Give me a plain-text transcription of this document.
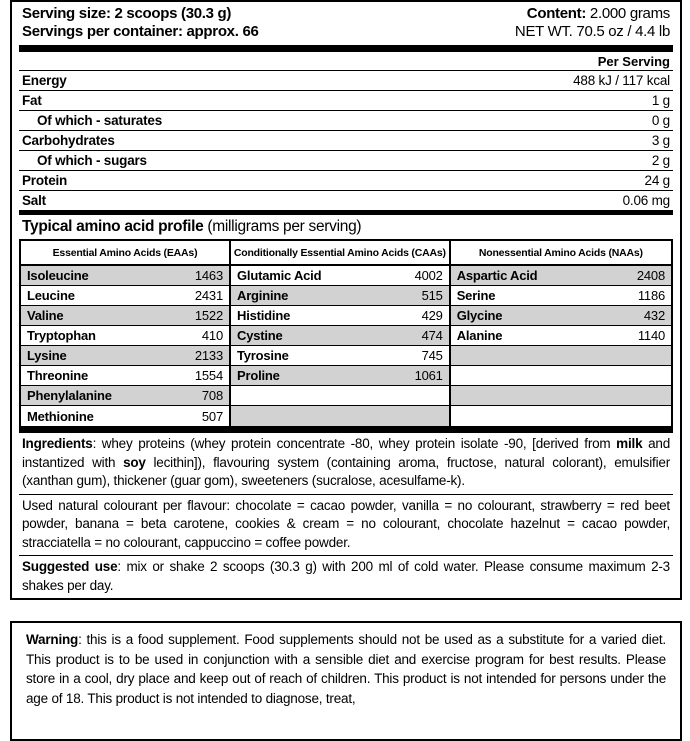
Serving size: 2 scoops (30.3 g)
Servings per container: approx. 66
Content: 2.000 grams
NET WT. 70.5 oz / 4.4 lb
Per Serving
Energy	488 kJ / 117 kcal
Fat	1 g
Of which - saturates	0 g
Carbohydrates	3 g
Of which - sugars	2 g
Protein	24 g
Salt	0.06 mg
Typical amino acid profile (milligrams per serving)
Essential Amino Acids (EAAs)
Isoleucine	1463
Leucine	2431
Valine	1522
Tryptophan	410
Lysine	2133
Threonine	1554
Phenylalanine	708
Methionine	507
Conditionally Essential Amino Acids (CAAs)
Glutamic Acid	4002
Arginine	515
Histidine	429
Cystine	474
Tyrosine	745
Proline	1061
Nonessential Amino Acids (NAAs)
Aspartic Acid	2408
Serine	1186
Glycine	432
Alanine	1140
Ingredients: whey proteins (whey protein concentrate -80, whey protein isolate -90, [derived from milk and instantized with soy lecithin]), flavouring system (containing aroma, fructose, natural colorant), emulsifier (xanthan gum), thickener (guar gom), sweeteners (sucralose, acesulfame-k).
Used natural colourant per flavour: chocolate = cacao powder, vanilla = no colourant, strawberry = red beet powder, banana = beta carotene, cookies & cream = no colourant, chocolate hazelnut = cacao powder, stracciatella = no colourant, cappuccino = coffee powder.
Suggested use: mix or shake 2 scoops (30.3 g) with 200 ml of cold water. Please consume maximum 2-3 shakes per day.
Warning: this is a food supplement. Food supplements should not be used as a substitute for a varied diet. This product is to be used in conjunction with a sensible diet and exercise program for best results. Please store in a cool, dry place and keep out of reach of children. This product is not intended for persons under the age of 18. This product is not intended to diagnose, treat,
